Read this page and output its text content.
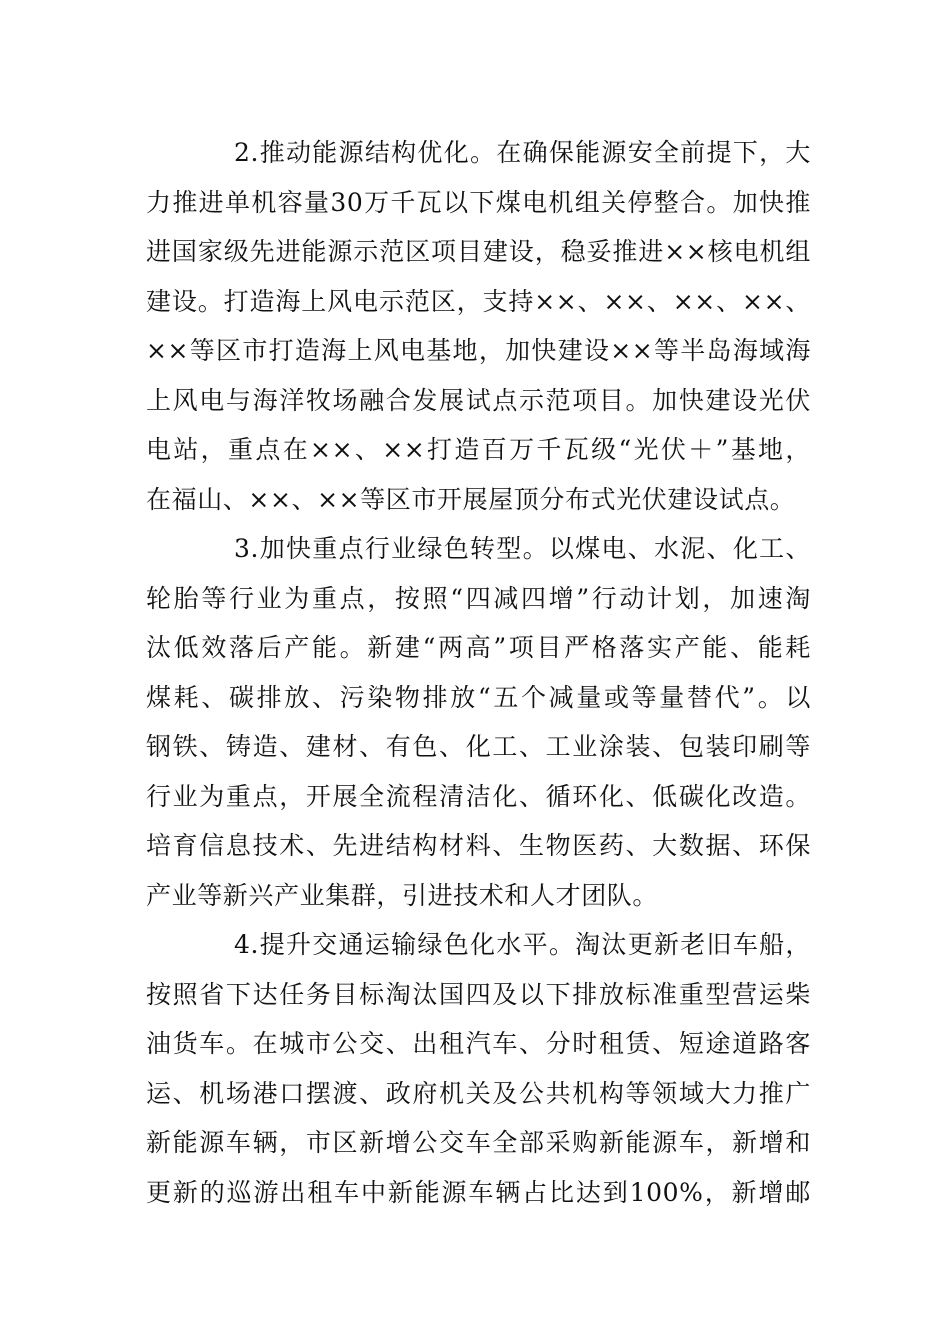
2.推动能源结构优化。在确保能源安全前提下，大
力推进单机容量30万千瓦以下煤电机组关停整合。加快推
进国家级先进能源示范区项目建设，稳妥推进××核电机组
建设。打造海上风电示范区，支持××、××、××、××、
××等区市打造海上风电基地，加快建设××等半岛海域海
上风电与海洋牧场融合发展试点示范项目。加快建设光伏
电站，重点在××、××打造百万千瓦级“光伏＋”基地，
在福山、××、××等区市开展屋顶分布式光伏建设试点。
3.加快重点行业绿色转型。以煤电、水泥、化工、
轮胎等行业为重点，按照“四减四增”行动计划，加速淘
汰低效落后产能。新建“两高”项目严格落实产能、能耗
煤耗、碳排放、污染物排放“五个减量或等量替代”。以
钢铁、铸造、建材、有色、化工、工业涂装、包装印刷等
行业为重点，开展全流程清洁化、循环化、低碳化改造。
培育信息技术、先进结构材料、生物医药、大数据、环保
产业等新兴产业集群，引进技术和人才团队。
4.提升交通运输绿色化水平。淘汰更新老旧车船，
按照省下达任务目标淘汰国四及以下排放标准重型营运柴
油货车。在城市公交、出租汽车、分时租赁、短途道路客
运、机场港口摆渡、政府机关及公共机构等领域大力推广
新能源车辆，市区新增公交车全部采购新能源车，新增和
更新的巡游出租车中新能源车辆占比达到100%，新增邮
